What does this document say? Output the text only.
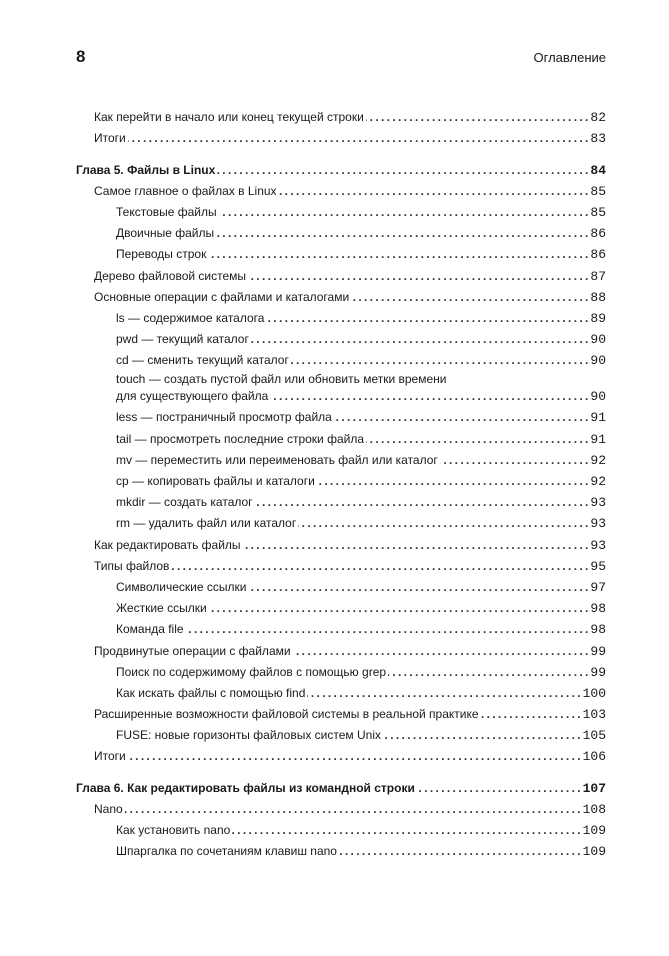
8	Оглавление
Как перейти в начало или конец текущей строки . . .	82
Итоги . . .	83
Глава 5. Файлы в Linux . . .	84
Самое главное о файлах в Linux . . .	85
Текстовые файлы . . .	85
Двоичные файлы . . .	86
Переводы строк . . .	86
Дерево файловой системы . . .	87
Основные операции с файлами и каталогами . . .	88
ls — содержимое каталога . . .	89
pwd — текущий каталог . . .	90
cd — сменить текущий каталог . . .	90
touch — создать пустой файл или обновить метки времени
для существующего файла . . .	90
less — постраничный просмотр файла . . .	91
tail — просмотреть последние строки файла . . .	91
mv — переместить или переименовать файл или каталог . . .	92
cp — копировать файлы и каталоги . . .	92
mkdir — создать каталог . . .	93
rm — удалить файл или каталог . . .	93
Как редактировать файлы . . .	93
Типы файлов . . .	95
Символические ссылки . . .	97
Жесткие ссылки . . .	98
Команда file . . .	98
Продвинутые операции с файлами . . .	99
Поиск по содержимому файлов с помощью grep . . .	99
Как искать файлы с помощью find . . .	100
Расширенные возможности файловой системы в реальной практике . . .	103
FUSE: новые горизонты файловых систем Unix . . .	105
Итоги . . .	106
Глава 6. Как редактировать файлы из командной строки . . .	107
Nano . . .	108
Как установить nano . . .	109
Шпаргалка по сочетаниям клавиш nano . . .	109
